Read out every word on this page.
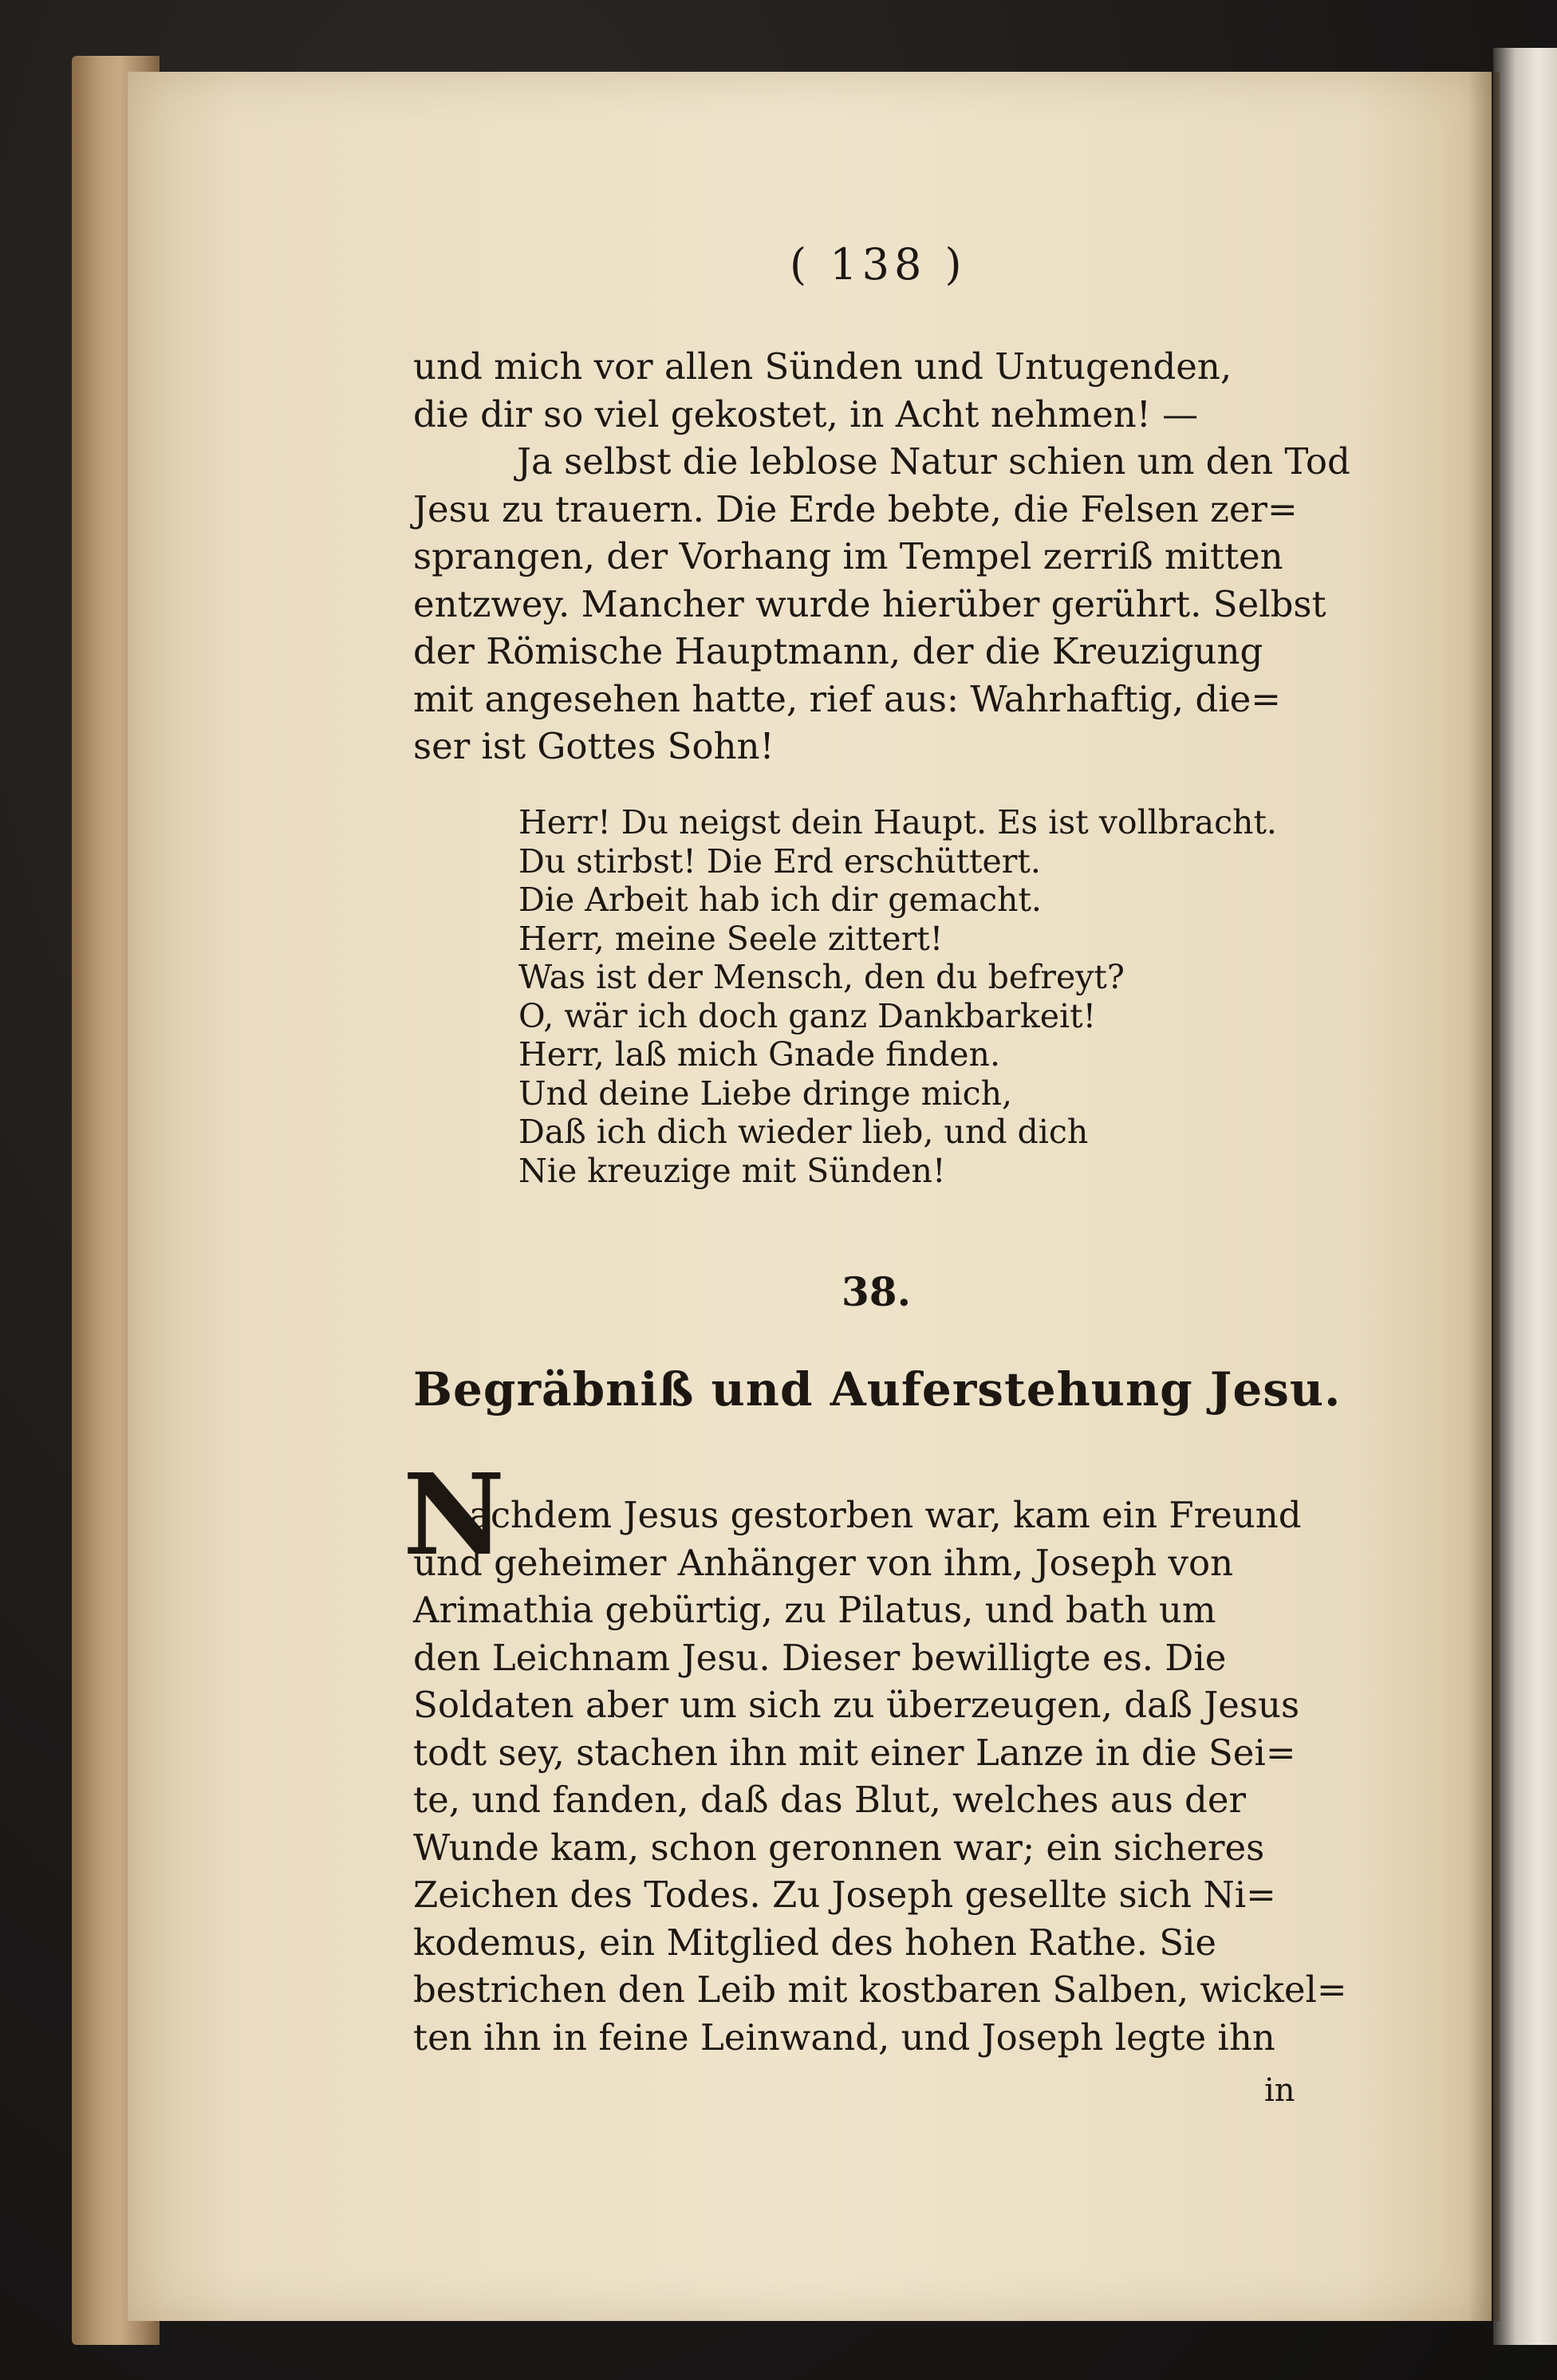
( 138 )
und mich vor allen Sünden und Untugenden,
die dir so viel gekostet, in Acht nehmen! —
Ja selbst die leblose Natur schien um den Tod
Jesu zu trauern. Die Erde bebte, die Felsen zer=
sprangen, der Vorhang im Tempel zerriß mitten
entzwey. Mancher wurde hierüber gerührt. Selbst
der Römische Hauptmann, der die Kreuzigung
mit angesehen hatte, rief aus: Wahrhaftig, die=
ser ist Gottes Sohn!
Herr! Du neigst dein Haupt. Es ist vollbracht.
Du stirbst! Die Erd erschüttert.
Die Arbeit hab ich dir gemacht.
Herr, meine Seele zittert!
Was ist der Mensch, den du befreyt?
O, wär ich doch ganz Dankbarkeit!
Herr, laß mich Gnade finden.
Und deine Liebe dringe mich,
Daß ich dich wieder lieb, und dich
Nie kreuzige mit Sünden!
38.
Begräbniß und Auferstehung Jesu.
N
achdem Jesus gestorben war, kam ein Freund
und geheimer Anhänger von ihm, Joseph von
Arimathia gebürtig, zu Pilatus, und bath um
den Leichnam Jesu. Dieser bewilligte es. Die
Soldaten aber um sich zu überzeugen, daß Jesus
todt sey, stachen ihn mit einer Lanze in die Sei=
te, und fanden, daß das Blut, welches aus der
Wunde kam, schon geronnen war; ein sicheres
Zeichen des Todes. Zu Joseph gesellte sich Ni=
kodemus, ein Mitglied des hohen Rathe. Sie
bestrichen den Leib mit kostbaren Salben, wickel=
ten ihn in feine Leinwand, und Joseph legte ihn
in
